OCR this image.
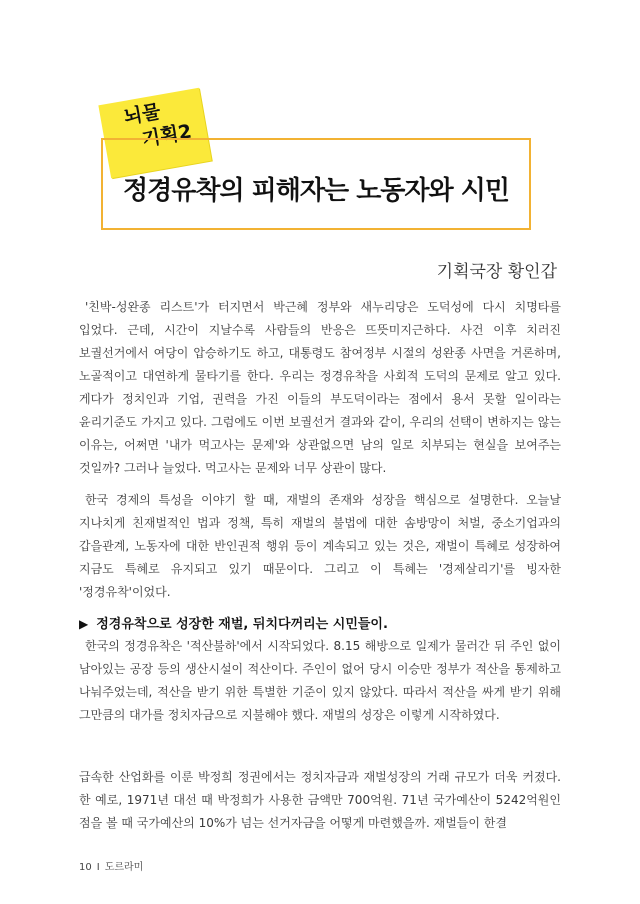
뇌물
기획2
정경유착의 피해자는 노동자와 시민
기획국장 황인갑

'친박-성완종 리스트'가 터지면서 박근혜 정부와 새누리당은 도덕성에 다시 치명타를 입었다. 근데, 시간이 지날수록 사람들의 반응은 뜨뜻미지근하다. 사건 이후 치러진 보궐선거에서 여당이 압승하기도 하고, 대통령도 참여정부 시절의 성완종 사면을 거론하며, 노골적이고 대연하게 물타기를 한다. 우리는 정경유착을 사회적 도덕의 문제로 알고 있다. 게다가 정치인과 기업, 권력을 가진 이들의 부도덕이라는 점에서 용서 못할 일이라는 윤리기준도 가지고 있다. 그럼에도 이번 보궐선거 결과와 같이, 우리의 선택이 변하지는 않는 이유는, 어쩌면 '내가 먹고사는 문제'와 상관없으면 남의 일로 치부되는 현실을 보여주는 것일까? 그러나 늘었다. 먹고사는 문제와 너무 상관이 많다.

한국 경제의 특성을 이야기 할 때, 재벌의 존재와 성장을 핵심으로 설명한다. 오늘날 지나치게 친재벌적인 법과 정책, 특히 재벌의 불법에 대한 솜방망이 처벌, 중소기업과의 갑을관계, 노동자에 대한 반인권적 행위 등이 계속되고 있는 것은, 재벌이 특혜로 성장하여 지금도 특혜로 유지되고 있기 때문이다. 그리고 이 특혜는 '경제살리기'를 빙자한 '정경유착'이었다.

▶ 정경유착으로 성장한 재벌, 뒤치다꺼리는 시민들이.

한국의 정경유착은 '적산불하'에서 시작되었다. 8.15 해방으로 일제가 물러간 뒤 주인 없이 남아있는 공장 등의 생산시설이 적산이다. 주인이 없어 당시 이승만 정부가 적산을 통제하고 나눠주었는데, 적산을 받기 위한 특별한 기준이 있지 않았다. 따라서 적산을 싸게 받기 위해 그만큼의 대가를 정치자금으로 지불해야 했다. 재벌의 성장은 이렇게 시작하였다.

급속한 산업화를 이룬 박정희 정권에서는 정치자금과 재벌성장의 거래 규모가 더욱 커졌다. 한 예로, 1971년 대선 때 박정희가 사용한 금액만 700억원. 71년 국가예산이 5242억원인 점을 볼 때 국가예산의 10%가 넘는 선거자금을 어떻게 마련했을까. 재벌들이 한결

10 I 도르라미
